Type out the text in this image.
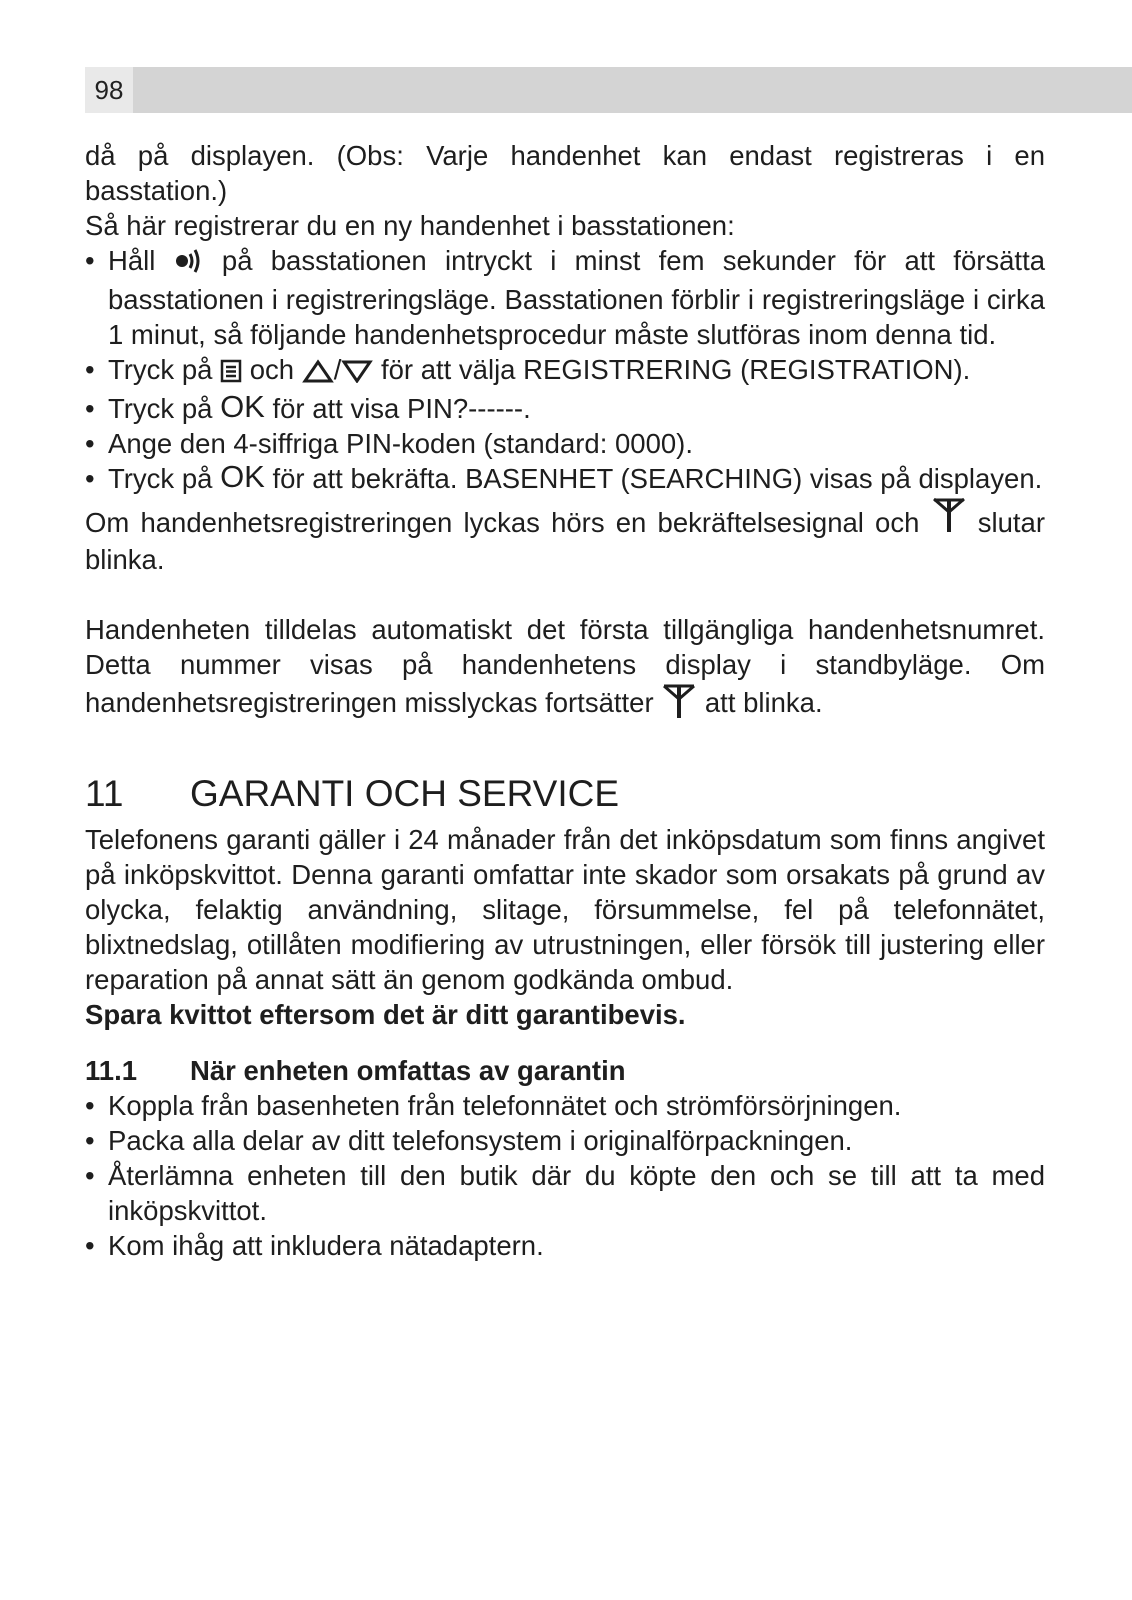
98

då på displayen. (Obs: Varje handenhet kan endast registreras i en basstation.)

Så här registrerar du en ny handenhet i basstationen:

• Håll på basstationen intryckt i minst fem sekunder för att försätta basstationen i registreringsläge. Basstationen förblir i registreringsläge i cirka 1 minut, så följande handenhetsprocedur måste slutföras inom denna tid.
• Tryck på och / för att välja REGISTRERING (REGISTRATION).
• Tryck på OK för att visa PIN?------.
• Ange den 4-siffriga PIN-koden (standard: 0000).
• Tryck på OK för att bekräfta. BASENHET (SEARCHING) visas på displayen.

Om handenhetsregistreringen lyckas hörs en bekräftelsesignal och slutar blinka.

Handenheten tilldelas automatiskt det första tillgängliga handenhetsnumret. Detta nummer visas på handenhetens display i standbyläge. Om handenhetsregistreringen misslyckas fortsätter att blinka.

11	GARANTI OCH SERVICE

Telefonens garanti gäller i 24 månader från det inköpsdatum som finns angivet på inköpskvittot. Denna garanti omfattar inte skador som orsakats på grund av olycka, felaktig användning, slitage, försummelse, fel på telefonnätet, blixtnedslag, otillåten modifiering av utrustningen, eller försök till justering eller reparation på annat sätt än genom godkända ombud.

Spara kvittot eftersom det är ditt garantibevis.

11.1	När enheten omfattas av garantin
• Koppla från basenheten från telefonnätet och strömförsörjningen.
• Packa alla delar av ditt telefonsystem i originalförpackningen.
• Återlämna enheten till den butik där du köpte den och se till att ta med inköpskvittot.
• Kom ihåg att inkludera nätadaptern.
